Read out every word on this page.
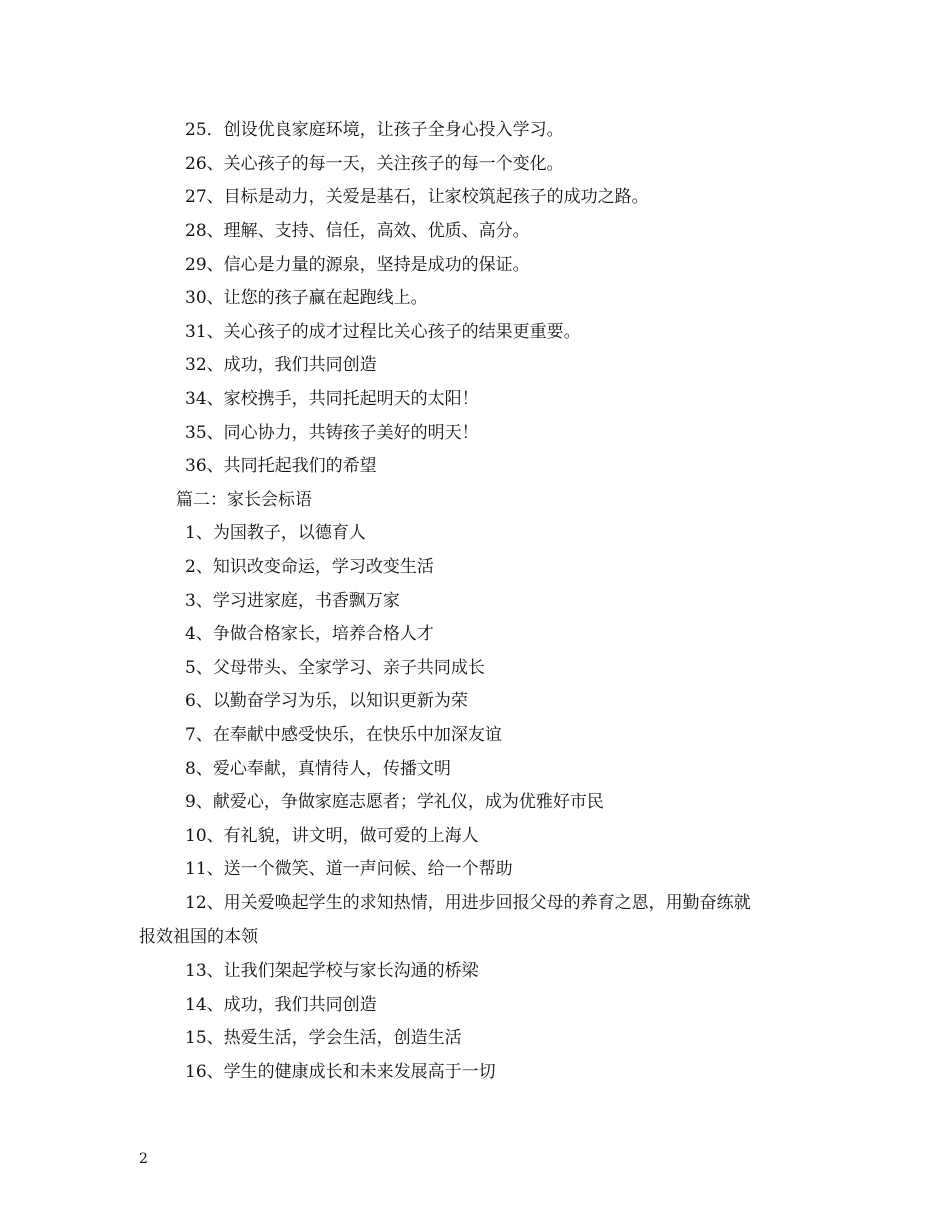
25．创设优良家庭环境，让孩子全身心投入学习。
26、关心孩子的每一天，关注孩子的每一个变化。
27、目标是动力，关爱是基石，让家校筑起孩子的成功之路。
28、理解、支持、信任，高效、优质、高分。
29、信心是力量的源泉，坚持是成功的保证。
30、让您的孩子赢在起跑线上。
31、关心孩子的成才过程比关心孩子的结果更重要。
32、成功，我们共同创造
34、家校携手，共同托起明天的太阳！
35、同心协力，共铸孩子美好的明天！
36、共同托起我们的希望
篇二：家长会标语
1、为国教子，以德育人
2、知识改变命运，学习改变生活
3、学习进家庭，书香飘万家
4、争做合格家长，培养合格人才
5、父母带头、全家学习、亲子共同成长
6、以勤奋学习为乐，以知识更新为荣
7、在奉献中感受快乐，在快乐中加深友谊
8、爱心奉献，真情待人，传播文明
9、献爱心，争做家庭志愿者；学礼仪，成为优雅好市民
10、有礼貌，讲文明，做可爱的上海人
11、送一个微笑、道一声问候、给一个帮助
12、用关爱唤起学生的求知热情，用进步回报父母的养育之恩，用勤奋练就
报效祖国的本领
13、让我们架起学校与家长沟通的桥梁
14、成功，我们共同创造
15、热爱生活，学会生活，创造生活
16、学生的健康成长和未来发展高于一切
2
